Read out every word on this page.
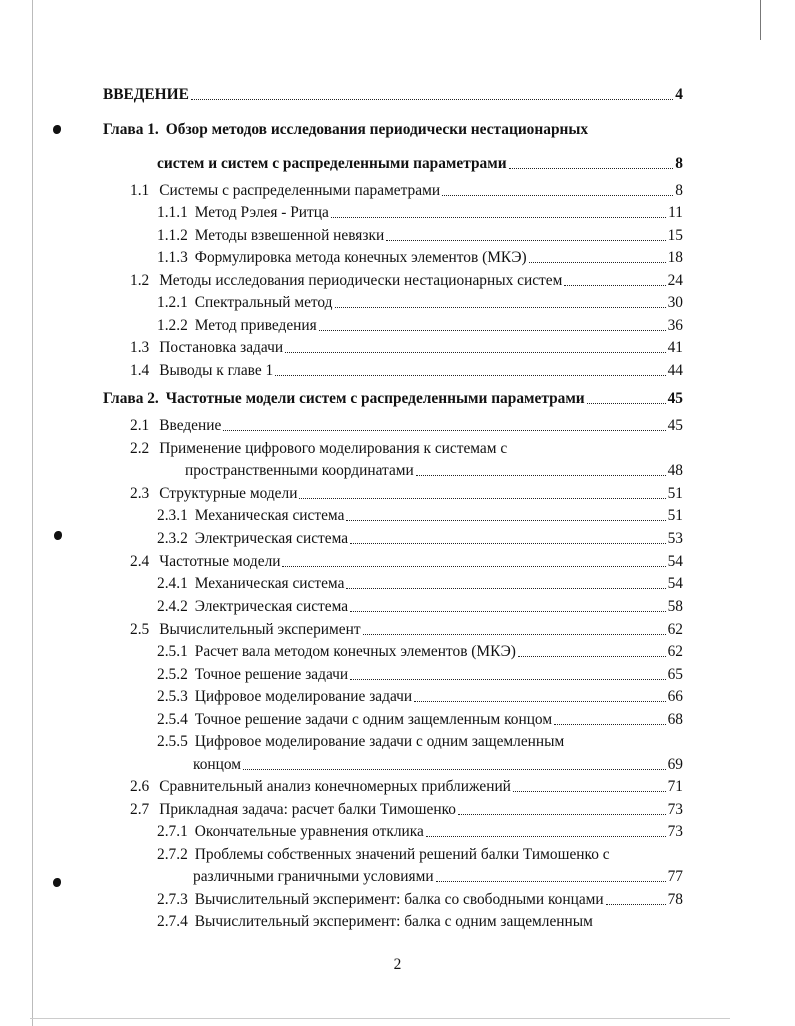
ВВЕДЕНИЕ	4
Глава 1. Обзор методов исследования периодически нестационарных
систем и систем с распределенными параметрами	8
1.1 Системы с распределенными параметрами	8
1.1.1 Метод Рэлея - Ритца	11
1.1.2 Методы взвешенной невязки	15
1.1.3 Формулировка метода конечных элементов (МКЭ)	18
1.2 Методы исследования периодически нестационарных систем	24
1.2.1 Спектральный метод	30
1.2.2 Метод приведения	36
1.3 Постановка задачи	41
1.4 Выводы к главе 1	44
Глава 2. Частотные модели систем с распределенными параметрами	45
2.1 Введение	45
2.2 Применение цифрового моделирования к системам с
пространственными координатами	48
2.3 Структурные модели	51
2.3.1 Механическая система	51
2.3.2 Электрическая система	53
2.4 Частотные модели	54
2.4.1 Механическая система	54
2.4.2 Электрическая система	58
2.5 Вычислительный эксперимент	62
2.5.1 Расчет вала методом конечных элементов (МКЭ)	62
2.5.2 Точное решение задачи	65
2.5.3 Цифровое моделирование задачи	66
2.5.4 Точное решение задачи с одним защемленным концом	68
2.5.5 Цифровое моделирование задачи с одним защемленным
концом	69
2.6 Сравнительный анализ конечномерных приближений	71
2.7 Прикладная задача: расчет балки Тимошенко	73
2.7.1 Окончательные уравнения отклика	73
2.7.2 Проблемы собственных значений решений балки Тимошенко с
различными граничными условиями	77
2.7.3 Вычислительный эксперимент: балка со свободными концами	78
2.7.4 Вычислительный эксперимент: балка с одним защемленным
2
